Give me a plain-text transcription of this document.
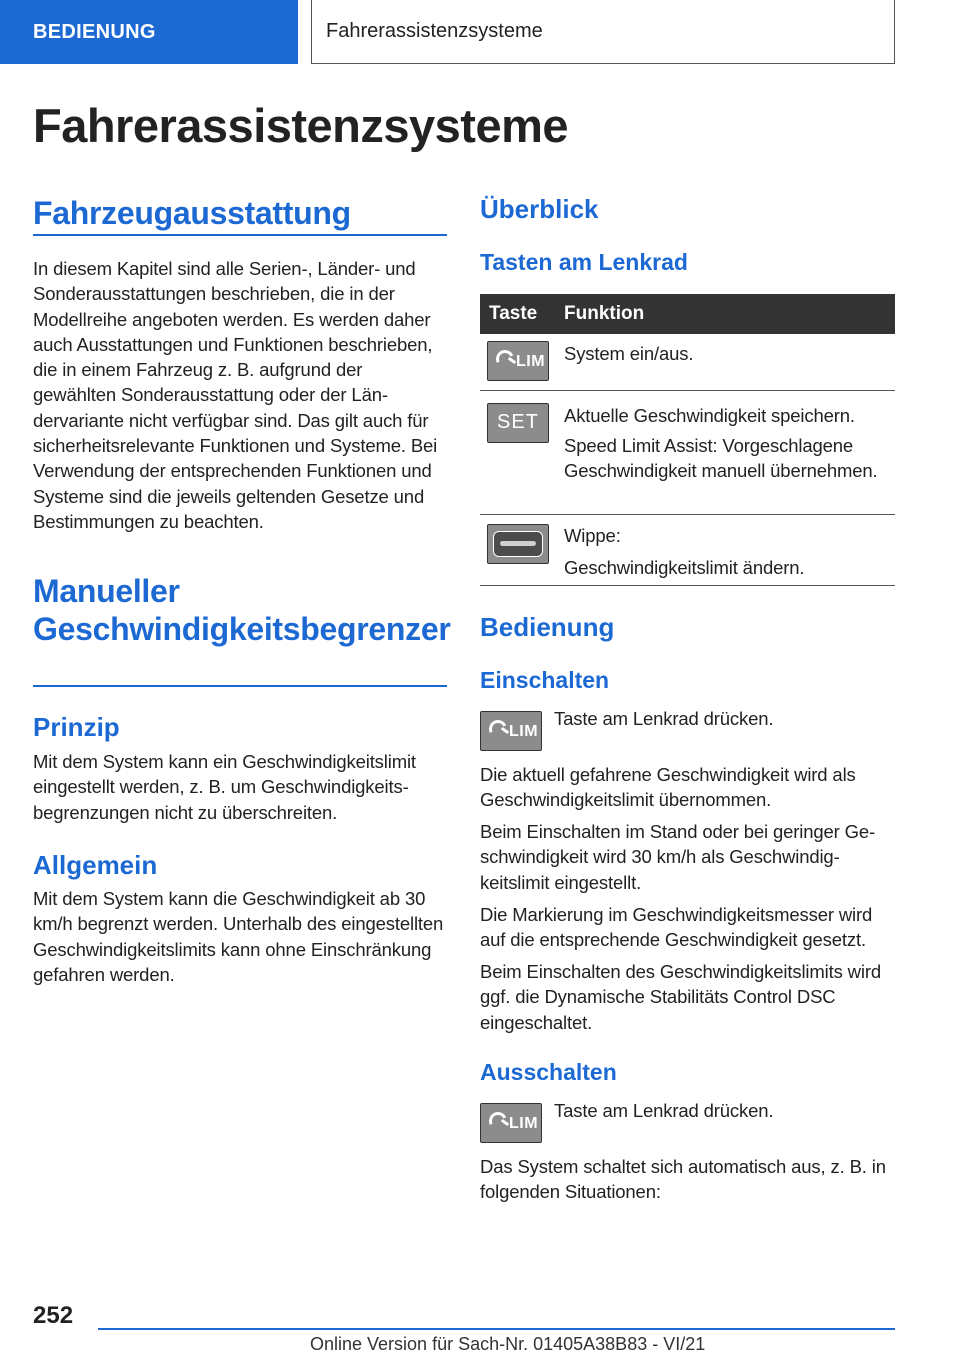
BEDIENUNG	Fahrerassistenzsysteme
Fahrerassistenzsysteme
Fahrzeugausstattung

In diesem Kapitel sind alle Serien-, Länder- und Sonderausstattungen beschrieben, die in der Modellreihe angeboten werden. Es werden daher auch Ausstattungen und Funktionen beschrieben, die in einem Fahrzeug z. B. aufgrund der gewählten Sonderausstattung oder der Ländervariante nicht verfügbar sind. Das gilt auch für sicherheitsrelevante Funktionen und Systeme. Bei Verwendung der entsprechenden Funktionen und Systeme sind die jeweils geltenden Gesetze und Bestimmungen zu beachten.

Manueller Geschwindigkeitsbegrenzer
Prinzip

Mit dem System kann ein Geschwindigkeitslimit eingestellt werden, z. B. um Geschwindigkeitsbegrenzungen nicht zu überschreiten.

Allgemein

Mit dem System kann die Geschwindigkeit ab 30 km/h begrenzt werden. Unterhalb des eingestellten Geschwindigkeitslimits kann ohne Einschränkung gefahren werden.

Überblick
Tasten am Lenkrad
Taste Funktion
LIM System ein/aus.

SET	Aktuelle Geschwindigkeit speichern.

Speed Limit Assist: Vorgeschlagene Geschwindigkeit manuell übernehmen.

Wippe:

Geschwindigkeitslimit ändern.

Bedienung
Einschalten
LIM

Taste am Lenkrad drücken.

Die aktuell gefahrene Geschwindigkeit wird als Geschwindigkeitslimit übernommen.

Beim Einschalten im Stand oder bei geringer Geschwindigkeit wird 30 km/h als Geschwindigkeitslimit eingestellt.

Die Markierung im Geschwindigkeitsmesser wird auf die entsprechende Geschwindigkeit gesetzt.

Beim Einschalten des Geschwindigkeitslimits wird ggf. die Dynamische Stabilitäts Control DSC eingeschaltet.

Ausschalten
LIM

Taste am Lenkrad drücken.

Das System schaltet sich automatisch aus, z. B. in folgenden Situationen:

252
Online Version für Sach-Nr. 01405A38B83 - VI/21
